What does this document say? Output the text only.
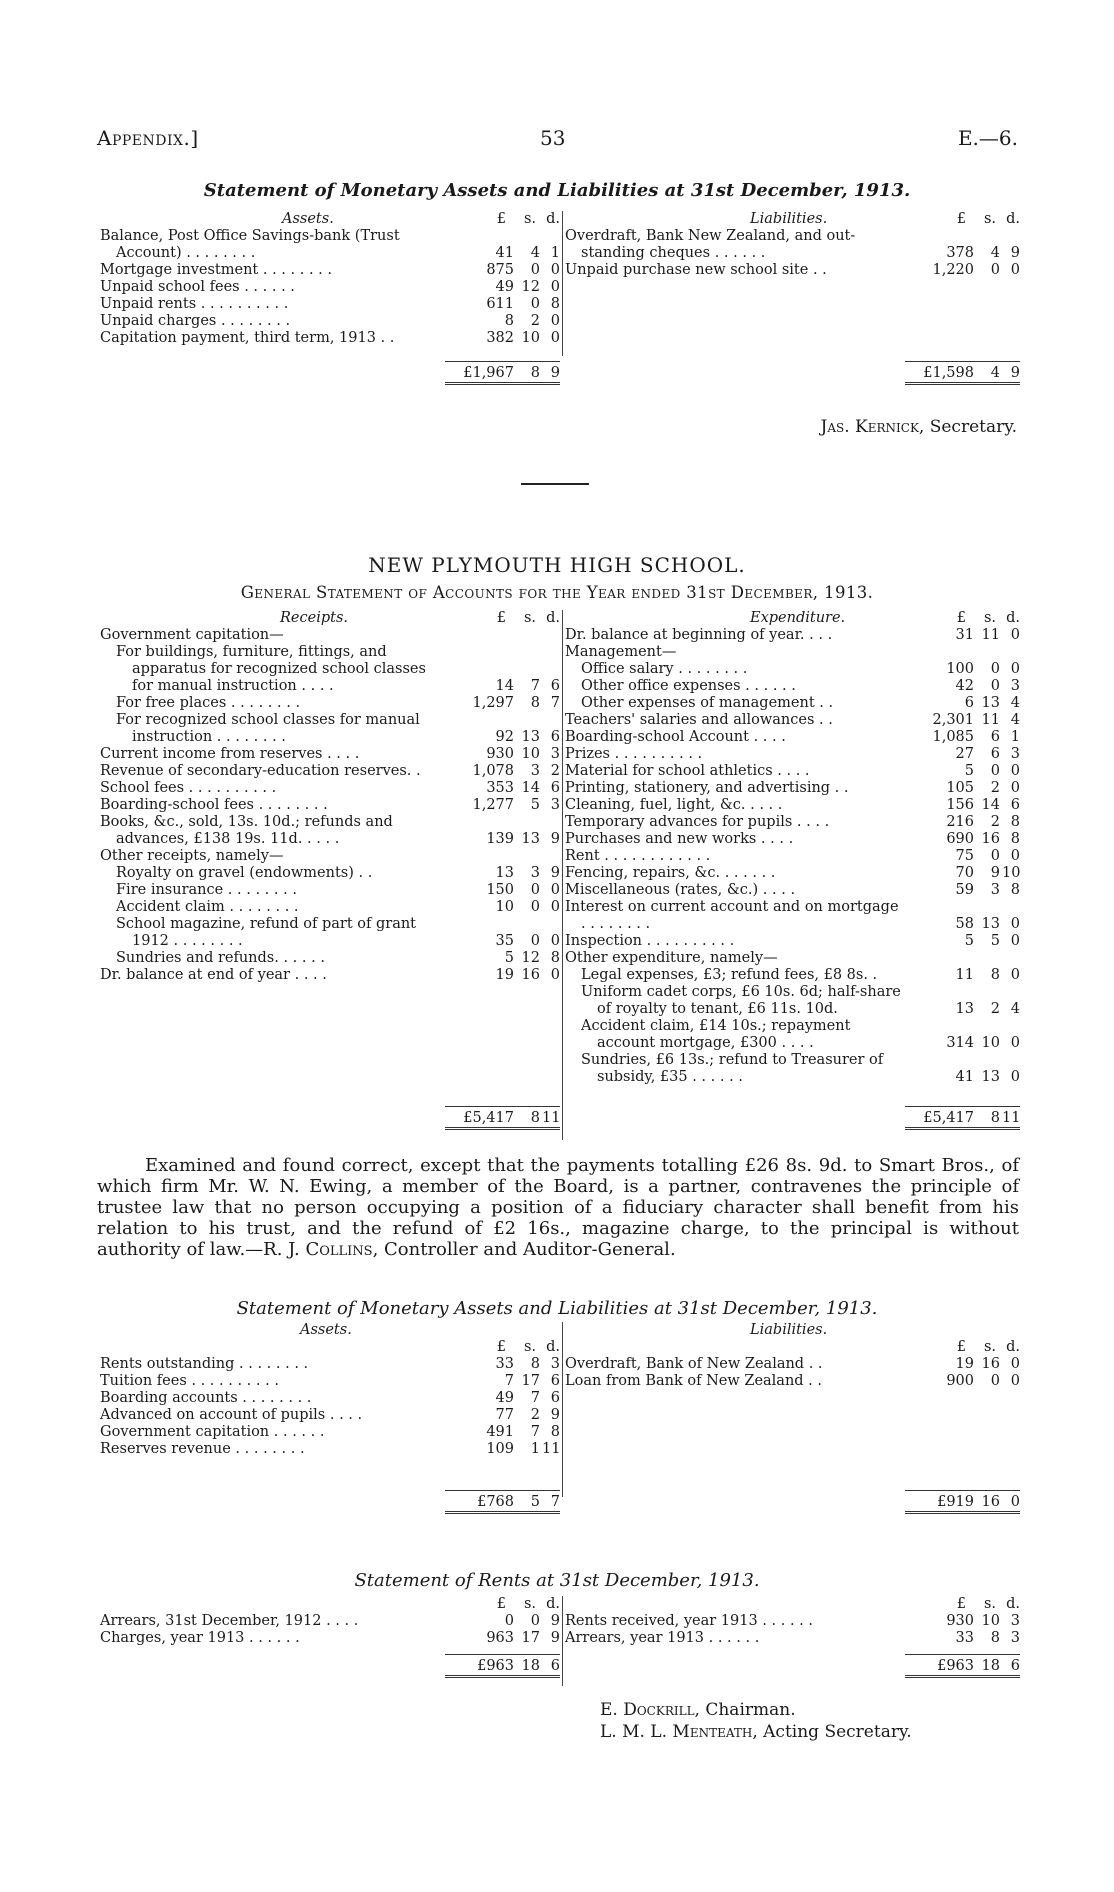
Appendix.]	53	E.—6.
Statement of Monetary Assets and Liabilities at 31st December, 1913.
Assets.	£ s. d.
Balance, Post Office Savings-bank (Trust Account) . . . . . . . .	41	4 1
Mortgage investment . . . . . . . .	875	0 0
Unpaid school fees . . . . . .	49 12 0
Unpaid rents . . . . . . . . . .	611	0 8
Unpaid charges . . . . . . . .	8	2 0
Capitation payment, third term, 1913 . .	382 10 0
£1,967	8 9
Liabilities.	£ s. d.
Overdraft, Bank New Zealand, and out-standing cheques . . . . . .	378	4 9
Unpaid purchase new school site . .	1,220	0 0
£1,598	4 9
Jas. Kernick, Secretary.
NEW PLYMOUTH HIGH SCHOOL.
General Statement of Accounts for the Year ended 31st December, 1913.
Receipts.	£ s. d.
Government capitation—
For buildings, furniture, fittings, and apparatus for recognized school classes for manual instruction . . . .	14	7 6
For free places . . . . . . . .	1,297	8 7
For recognized school classes for manual instruction . . . . . . . .	92 13 6
Current income from reserves . . . .	930 10 3
Revenue of secondary-education reserves. .	1,078	3 2
School fees . . . . . . . . . .	353 14 6
Boarding-school fees . . . . . . . .	1,277	5 3
Books, &c., sold, 13s. 10d.; refunds and advances, £138 19s. 11d. . . . .	139 13 9
Other receipts, namely—
Royalty on gravel (endowments) . .	13	3 9
Fire insurance . . . . . . . .	150	0 0
Accident claim . . . . . . . .	10	0 0
School magazine, refund of part of grant 1912 . . . . . . . .	35	0 0
Sundries and refunds. . . . . .	5 12 8
Dr. balance at end of year . . . .	19 16 0
£5,417	8 11
Expenditure.	£ s. d.
Dr. balance at beginning of year. . . .	31 11 0
Management—
Office salary . . . . . . . .	100	0 0
Other office expenses . . . . . .	42	0 3
Other expenses of management . .	6 13 4
Teachers' salaries and allowances . .	2,301 11 4
Boarding-school Account . . . .	1,085	6 1
Prizes . . . . . . . . . .	27	6 3
Material for school athletics . . . .	5	0 0
Printing, stationery, and advertising . .	105	2 0
Cleaning, fuel, light, &c. . . . .	156 14 6
Temporary advances for pupils . . . .	216	2 8
Purchases and new works . . . .	690 16 8
Rent . . . . . . . . . . . .	75	0 0
Fencing, repairs, &c. . . . . . .	70	9 10
Miscellaneous (rates, &c.) . . . .	59	3 8
Interest on current account and on mortgage . . . . . . . .	58 13 0
Inspection . . . . . . . . . .	5	5 0
Other expenditure, namely—
Legal expenses, £3; refund fees, £8 8s. .	11	8 0
Uniform cadet corps, £6 10s. 6d; half-share of royalty to tenant, £6 11s. 10d.	13	2 4
Accident claim, £14 10s.; repayment account mortgage, £300 . . . .	314 10 0
Sundries, £6 13s.; refund to Treasurer of subsidy, £35 . . . . . .	41 13 0
£5,417	8 11

Examined and found correct, except that the payments totalling £26 8s. 9d. to Smart Bros., of which firm Mr. W. N. Ewing, a member of the Board, is a partner, contravenes the principle of trustee law that no person occupying a position of a fiduciary character shall benefit from his relation to his trust, and the refund of £2 16s., magazine charge, to the principal is without authority of law.—R. J. Collins, Controller and Auditor-General.

Statement of Monetary Assets and Liabilities at 31st December, 1913.
Assets.
£ s. d.
Rents outstanding . . . . . . . .	33	8 3
Tuition fees . . . . . . . . . .	7 17 6
Boarding accounts . . . . . . . .	49	7 6
Advanced on account of pupils . . . .	77	2 9
Government capitation . . . . . .	491	7 8
Reserves revenue . . . . . . . .	109	1 11
£768	5 7
Liabilities.
£ s. d.
Overdraft, Bank of New Zealand . .	19 16 0
Loan from Bank of New Zealand . .	900	0 0
£919 16 0
Statement of Rents at 31st December, 1913.
£ s. d.
Arrears, 31st December, 1912 . . . .	0	0 9
Charges, year 1913 . . . . . .	963 17 9
£963 18 6
£ s. d.
Rents received, year 1913 . . . . . .	930 10 3
Arrears, year 1913 . . . . . .	33	8 3
£963 18 6
E. Dockrill, Chairman.
L. M. L. Menteath, Acting Secretary.
